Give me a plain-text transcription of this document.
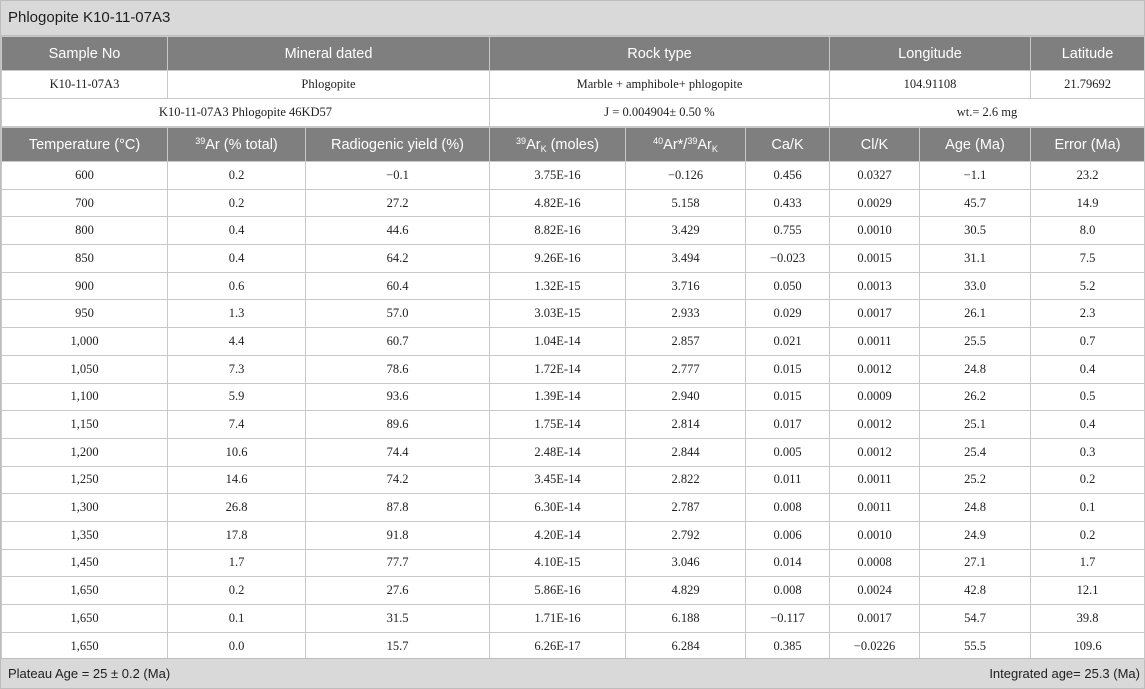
Phlogopite K10-11-07A3
Sample No	Mineral dated	Rock type	Longitude	Latitude
K10-11-07A3	Phlogopite	Marble + amphibole+ phlogopite	104.91108	21.79692
K10-11-07A3 Phlogopite 46KD57		J = 0.004904± 0.50 %	wt.= 2.6 mg	
Temperature (°C)	$^{39}$Ar (% total)	Radiogenic yield (%)	$^{39}Ar_K$ (moles)	$^{40}Ar*/^{39}Ar_K$	Ca/K	Cl/K	Age (Ma)	Error (Ma)
600	0.2	−0.1	3.75E-16	−0.126	0.456	0.0327	−1.1	23.2
700	0.2	27.2	4.82E-16	5.158	0.433	0.0029	45.7	14.9
800	0.4	44.6	8.82E-16	3.429	0.755	0.0010	30.5	8.0
850	0.4	64.2	9.26E-16	3.494	−0.023	0.0015	31.1	7.5
900	0.6	60.4	1.32E-15	3.716	0.050	0.0013	33.0	5.2
950	1.3	57.0	3.03E-15	2.933	0.029	0.0017	26.1	2.3
1,000	4.4	60.7	1.04E-14	2.857	0.021	0.0011	25.5	0.7
1,050	7.3	78.6	1.72E-14	2.777	0.015	0.0012	24.8	0.4
1,100	5.9	93.6	1.39E-14	2.940	0.015	0.0009	26.2	0.5
1,150	7.4	89.6	1.75E-14	2.814	0.017	0.0012	25.1	0.4
1,200	10.6	74.4	2.48E-14	2.844	0.005	0.0012	25.4	0.3
1,250	14.6	74.2	3.45E-14	2.822	0.011	0.0011	25.2	0.2
1,300	26.8	87.8	6.30E-14	2.787	0.008	0.0011	24.8	0.1
1,350	17.8	91.8	4.20E-14	2.792	0.006	0.0010	24.9	0.2
1,450	1.7	77.7	4.10E-15	3.046	0.014	0.0008	27.1	1.7
1,650	0.2	27.6	5.86E-16	4.829	0.008	0.0024	42.8	12.1
1,650	0.1	31.5	1.71E-16	6.188	−0.117	0.0017	54.7	39.8
1,650	0.0	15.7	6.26E-17	6.284	0.385	−0.0226	55.5	109.6
Plateau Age = 25 ± 0.2 (Ma)	Integrated age= 25.3 (Ma)
